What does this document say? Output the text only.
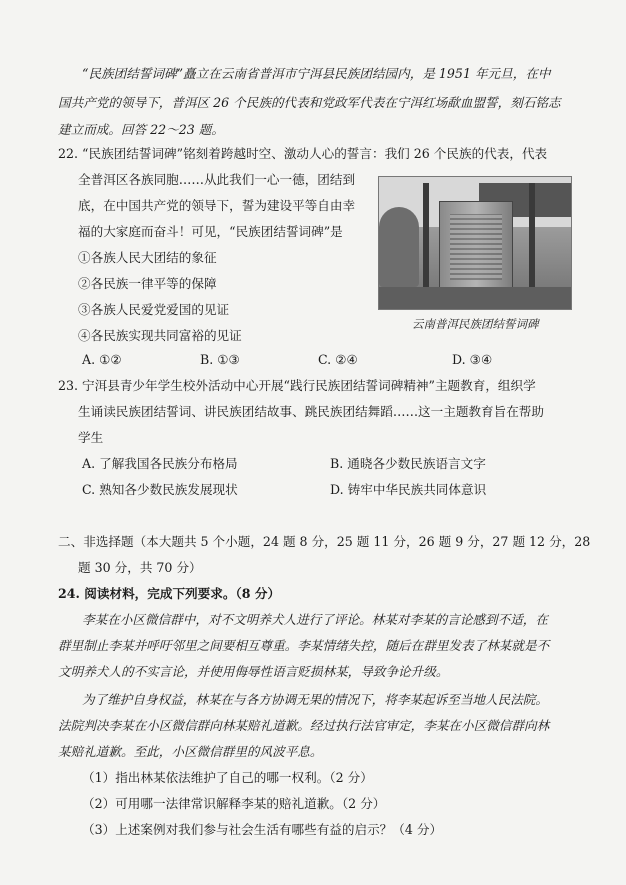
“民族团结誓词碑”矗立在云南省普洱市宁洱县民族团结园内，是 1951 年元旦，在中
国共产党的领导下，普洱区 26 个民族的代表和党政军代表在宁洱红场歃血盟誓，刻石铭志
建立而成。回答 22～23 题。
22. “民族团结誓词碑”铭刻着跨越时空、激动人心的誓言：我们 26 个民族的代表，代表
全普洱区各族同胞……从此我们一心一德，团结到
底，在中国共产党的领导下，誓为建设平等自由幸
福的大家庭而奋斗！可见，“民族团结誓词碑”是
①各族人民大团结的象征
②各民族一律平等的保障
③各族人民爱党爱国的见证
④各民族实现共同富裕的见证
云南普洱民族团结誓词碑
A. ①②	B. ①③	C. ②④	D. ③④
23. 宁洱县青少年学生校外活动中心开展“践行民族团结誓词碑精神”主题教育，组织学
生诵读民族团结誓词、讲民族团结故事、跳民族团结舞蹈……这一主题教育旨在帮助
学生
A. 了解我国各民族分布格局	B. 通晓各少数民族语言文字
C. 熟知各少数民族发展现状	D. 铸牢中华民族共同体意识
二、非选择题（本大题共 5 个小题，24 题 8 分，25 题 11 分，26 题 9 分，27 题 12 分，28
题 30 分，共 70 分）
24. 阅读材料，完成下列要求。（8 分）
李某在小区微信群中，对不文明养犬人进行了评论。林某对李某的言论感到不适，在
群里制止李某并呼吁邻里之间要相互尊重。李某情绪失控，随后在群里发表了林某就是不
文明养犬人的不实言论，并使用侮辱性语言贬损林某，导致争论升级。
为了维护自身权益，林某在与各方协调无果的情况下，将李某起诉至当地人民法院。
法院判决李某在小区微信群向林某赔礼道歉。经过执行法官审定，李某在小区微信群向林
某赔礼道歉。至此，小区微信群里的风波平息。
（1）指出林某依法维护了自己的哪一权利。（2 分）
（2）可用哪一法律常识解释李某的赔礼道歉。（2 分）
（3）上述案例对我们参与社会生活有哪些有益的启示？（4 分）
